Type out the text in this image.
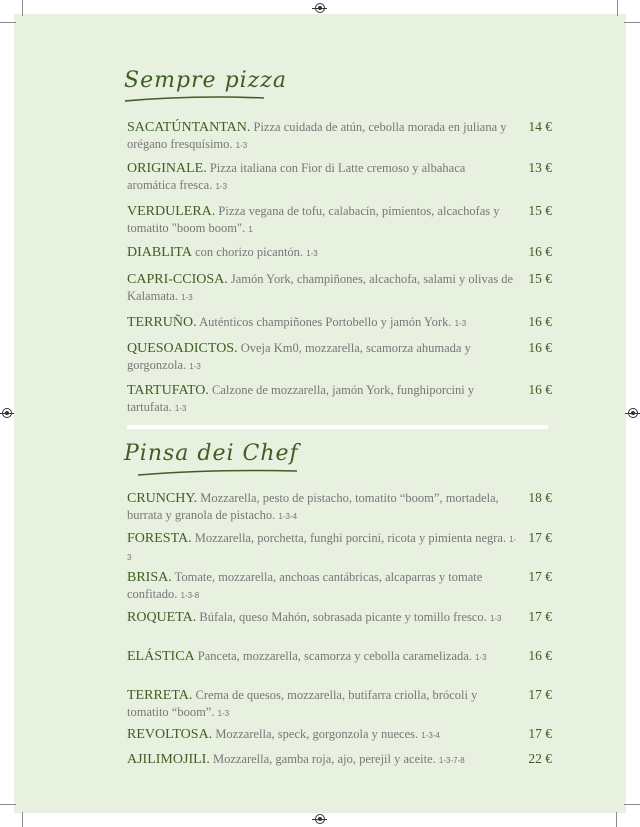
Sempre pizza
SACATÚNTANTAN. Pizza cuidada de atún, cebolla morada en juliana y orégano fresquísimo. 1-3
14 €
ORIGINALE. Pizza italiana con Fior di Latte cremoso y albahaca aromática fresca. 1-3
13 €
VERDULERA. Pizza vegana de tofu, calabacín, pimientos, alcachofas y tomatito "boom boom". 1
15 €
DIABLITA con chorizo picantón. 1-3	16 €
CAPRI-CCIOSA. Jamón York, champiñones, alcachofa, salami y olivas de Kalamata. 1-3
15 €
TERRUÑO. Auténticos champiñones Portobello y jamón York. 1-3	16 €
QUESOADICTOS. Oveja Km0, mozzarella, scamorza ahumada y gorgonzola. 1-3
16 €
TARTUFATO. Calzone de mozzarella, jamón York, funghiporcini y tartufata. 1-3
16 €
Pinsa dei Chef
CRUNCHY. Mozzarella, pesto de pistacho, tomatito “boom”, mortadela, burrata y granola de pistacho. 1-3-4
18 €
FORESTA. Mozzarella, porchetta, funghi porcini, ricota y pimienta negra. 1-3
17 €
BRISA. Tomate, mozzarella, anchoas cantábricas, alcaparras y tomate confitado. 1-3-8
17 €
ROQUETA. Búfala, queso Mahón, sobrasada picante y tomillo fresco. 1-3	17 €
ELÁSTICA Panceta, mozzarella, scamorza y cebolla caramelizada. 1-3	16 €
TERRETA. Crema de quesos, mozzarella, butifarra criolla, brócoli y tomatito “boom”. 1-3
17 €
REVOLTOSA. Mozzarella, speck, gorgonzola y nueces. 1-3-4	17 €
AJILIMOJILI. Mozzarella, gamba roja, ajo, perejil y aceite. 1-3-7-8	22 €
